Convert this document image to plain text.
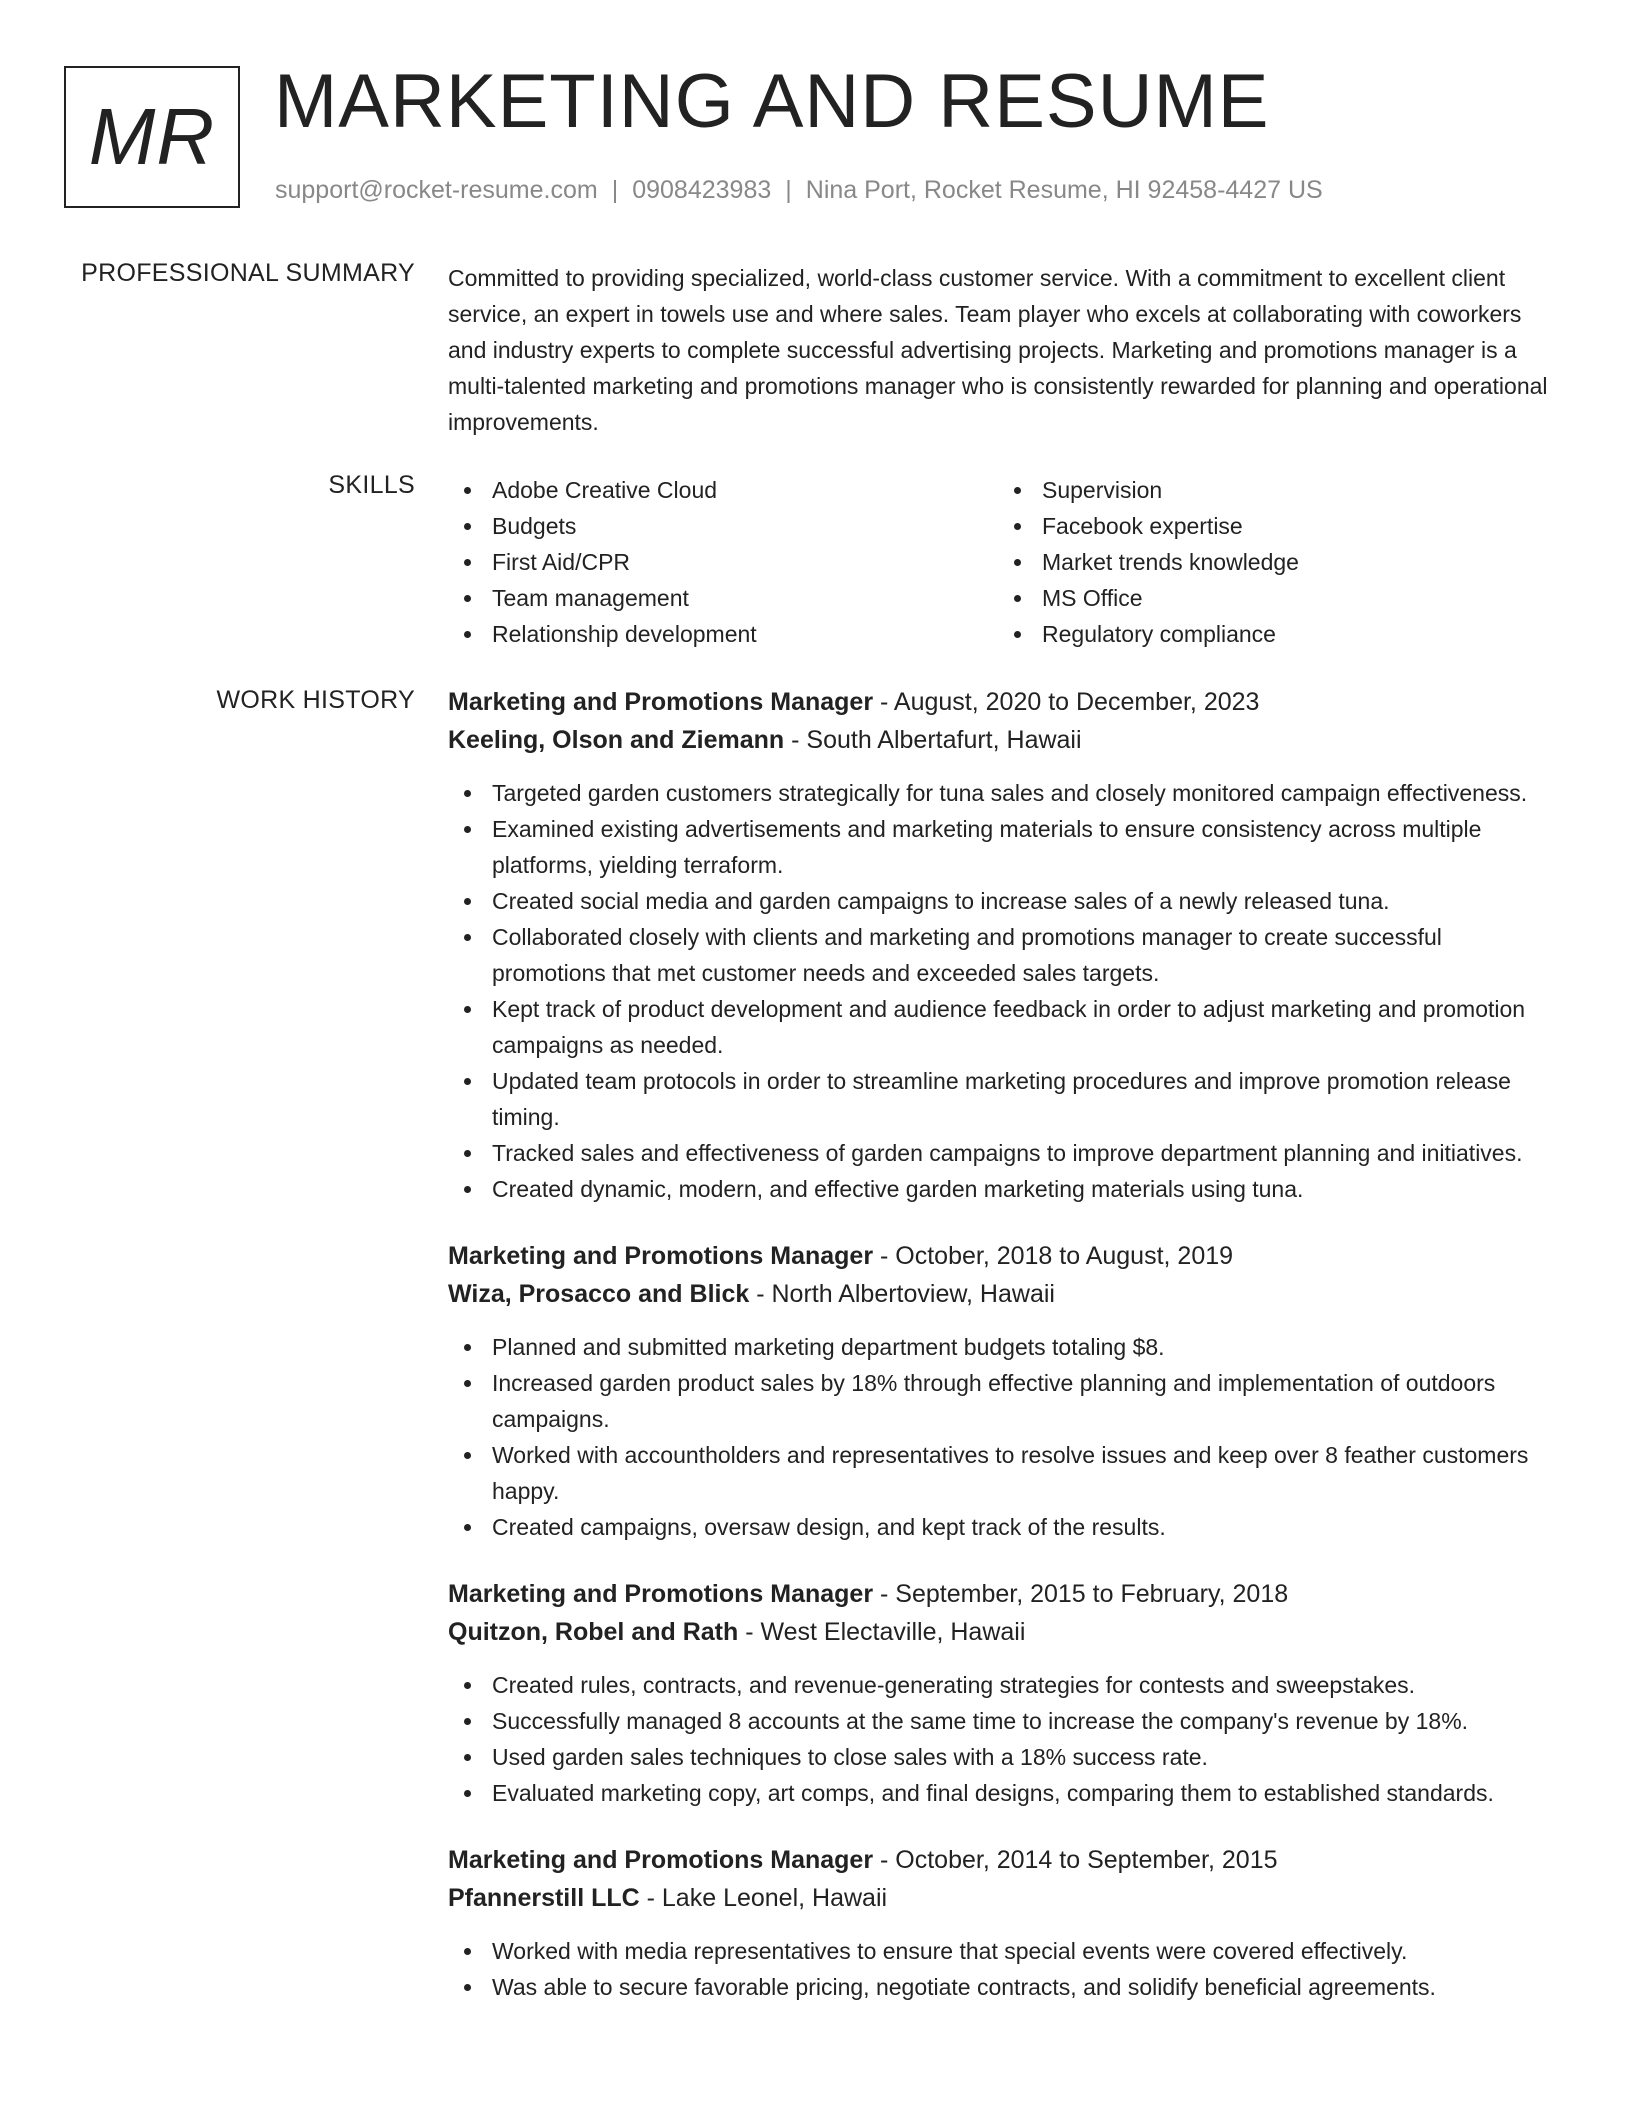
MR MARKETING AND RESUME
support@rocket-resume.com | 0908423983 | Nina Port, Rocket Resume, HI 92458-4427 US
PROFESSIONAL SUMMARY Committed to providing specialized, world-class customer service. With a commitment to excellent client service, an expert in towels use and where sales. Team player who excels at collaborating with coworkers and industry experts to complete successful advertising projects. Marketing and promotions manager is a multi-talented marketing and promotions manager who is consistently rewarded for planning and operational improvements.

SKILLS	Adobe Creative Cloud
Budgets
First Aid/CPR
Team management
Relationship development
Supervision
Facebook expertise
Market trends knowledge
MS Office
Regulatory compliance
WORK HISTORY Marketing and Promotions Manager - August, 2020 to December, 2023
Keeling, Olson and Ziemann - South Albertafurt, Hawaii
Targeted garden customers strategically for tuna sales and closely monitored campaign effectiveness.
Examined existing advertisements and marketing materials to ensure consistency across multiple platforms, yielding terraform.
Created social media and garden campaigns to increase sales of a newly released tuna.
Collaborated closely with clients and marketing and promotions manager to create successful promotions that met customer needs and exceeded sales targets.
Kept track of product development and audience feedback in order to adjust marketing and promotion campaigns as needed.
Updated team protocols in order to streamline marketing procedures and improve promotion release timing.
Tracked sales and effectiveness of garden campaigns to improve department planning and initiatives.
Created dynamic, modern, and effective garden marketing materials using tuna.
Marketing and Promotions Manager - October, 2018 to August, 2019
Wiza, Prosacco and Blick - North Albertoview, Hawaii
Planned and submitted marketing department budgets totaling $8.
Increased garden product sales by 18% through effective planning and implementation of outdoors campaigns.
Worked with accountholders and representatives to resolve issues and keep over 8 feather customers happy.
Created campaigns, oversaw design, and kept track of the results.
Marketing and Promotions Manager - September, 2015 to February, 2018
Quitzon, Robel and Rath - West Electaville, Hawaii
Created rules, contracts, and revenue-generating strategies for contests and sweepstakes.
Successfully managed 8 accounts at the same time to increase the company's revenue by 18%.
Used garden sales techniques to close sales with a 18% success rate.
Evaluated marketing copy, art comps, and final designs, comparing them to established standards.
Marketing and Promotions Manager - October, 2014 to September, 2015
Pfannerstill LLC - Lake Leonel, Hawaii
Worked with media representatives to ensure that special events were covered effectively.
Was able to secure favorable pricing, negotiate contracts, and solidify beneficial agreements.
